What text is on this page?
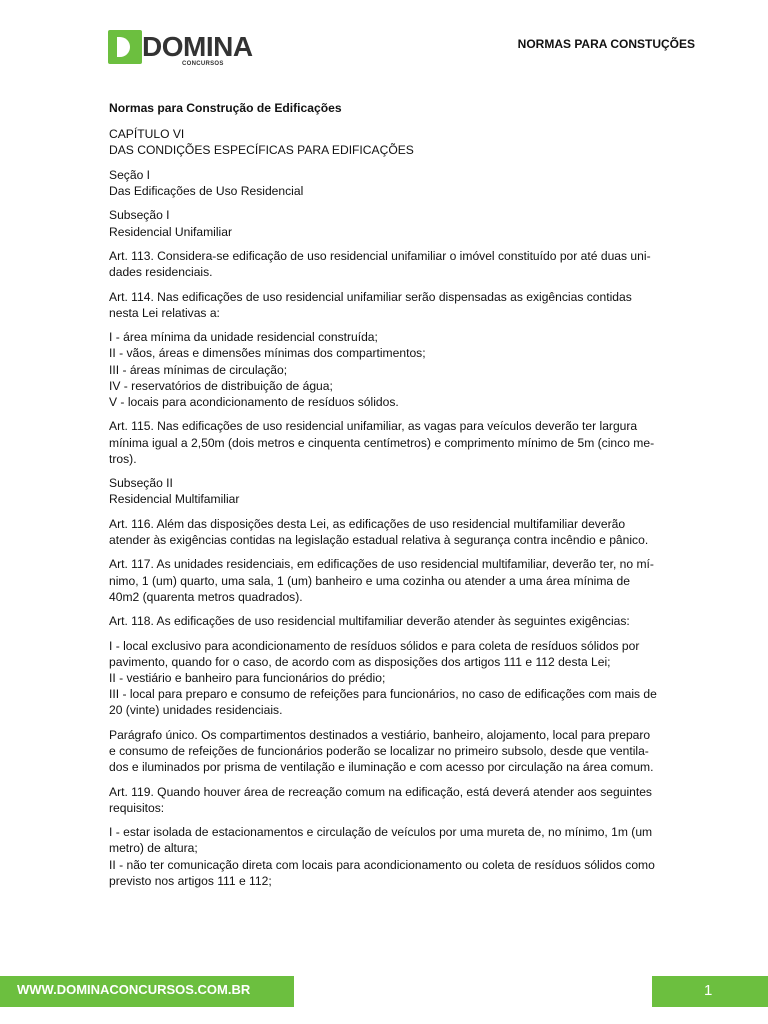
DOMINA
CONCURSOS
NORMAS PARA CONSTUÇÕES

Normas para Construção de Edificações

CAPÍTULO VI
DAS CONDIÇÕES ESPECÍFICAS PARA EDIFICAÇÕES

Seção I
Das Edificações de Uso Residencial

Subseção I
Residencial Unifamiliar

Art. 113. Considera-se edificação de uso residencial unifamiliar o imóvel constituído por até duas uni-
dades residenciais.

Art. 114. Nas edificações de uso residencial unifamiliar serão dispensadas as exigências contidas
nesta Lei relativas a:

I - área mínima da unidade residencial construída;
II - vãos, áreas e dimensões mínimas dos compartimentos;
III - áreas mínimas de circulação;
IV - reservatórios de distribuição de água;
V - locais para acondicionamento de resíduos sólidos.

Art. 115. Nas edificações de uso residencial unifamiliar, as vagas para veículos deverão ter largura
mínima igual a 2,50m (dois metros e cinquenta centímetros) e comprimento mínimo de 5m (cinco me-
tros).

Subseção II
Residencial Multifamiliar

Art. 116. Além das disposições desta Lei, as edificações de uso residencial multifamiliar deverão
atender às exigências contidas na legislação estadual relativa à segurança contra incêndio e pânico.

Art. 117. As unidades residenciais, em edificações de uso residencial multifamiliar, deverão ter, no mí-
nimo, 1 (um) quarto, uma sala, 1 (um) banheiro e uma cozinha ou atender a uma área mínima de
40m2 (quarenta metros quadrados).

Art. 118. As edificações de uso residencial multifamiliar deverão atender às seguintes exigências:

I - local exclusivo para acondicionamento de resíduos sólidos e para coleta de resíduos sólidos por
pavimento, quando for o caso, de acordo com as disposições dos artigos 111 e 112 desta Lei;
II - vestiário e banheiro para funcionários do prédio;
III - local para preparo e consumo de refeições para funcionários, no caso de edificações com mais de
20 (vinte) unidades residenciais.

Parágrafo único. Os compartimentos destinados a vestiário, banheiro, alojamento, local para preparo
e consumo de refeições de funcionários poderão se localizar no primeiro subsolo, desde que ventila-
dos e iluminados por prisma de ventilação e iluminação e com acesso por circulação na área comum.

Art. 119. Quando houver área de recreação comum na edificação, está deverá atender aos seguintes
requisitos:

I - estar isolada de estacionamentos e circulação de veículos por uma mureta de, no mínimo, 1m (um
metro) de altura;
II - não ter comunicação direta com locais para acondicionamento ou coleta de resíduos sólidos como
previsto nos artigos 111 e 112;

WWW.DOMINACONCURSOS.COM.BR	1
